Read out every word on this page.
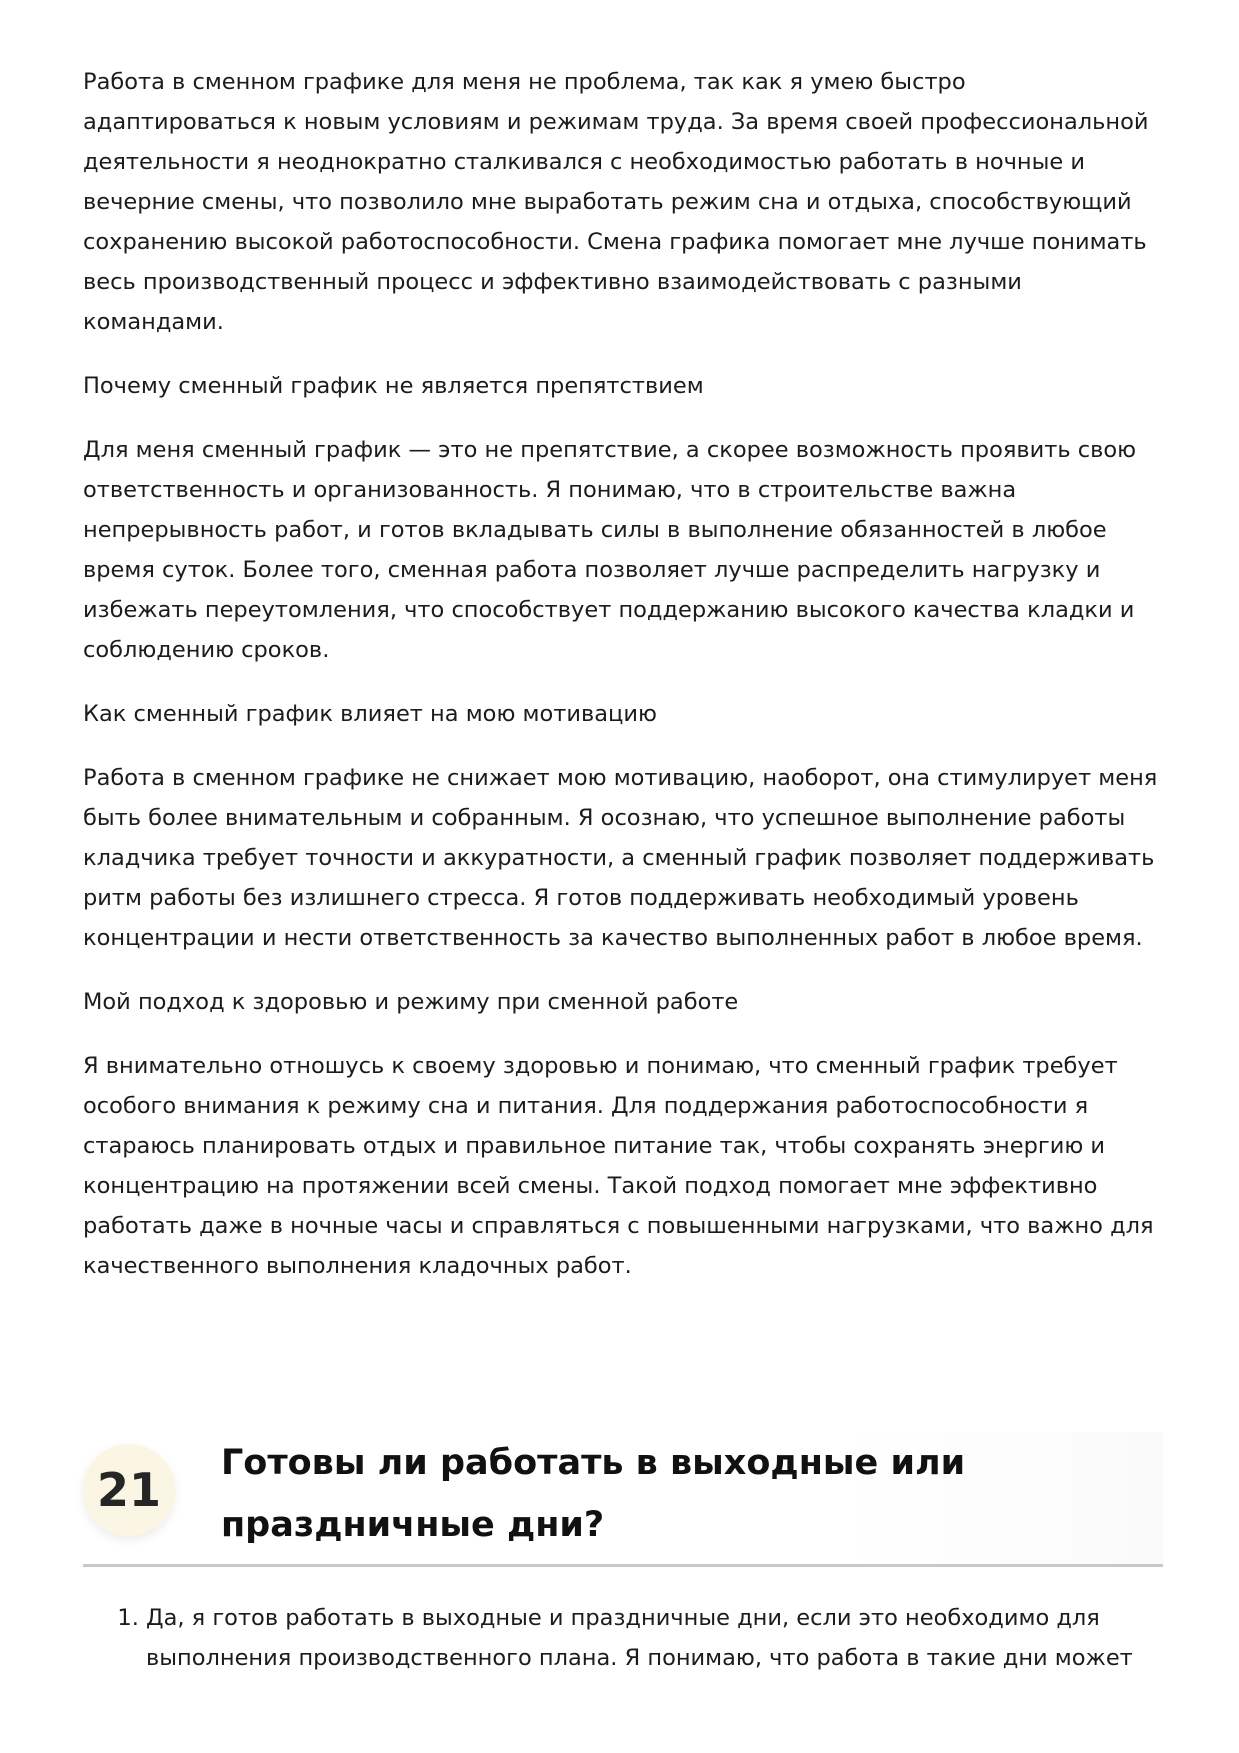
Работа в сменном графике для меня не проблема, так как я умею быстро адаптироваться к новым условиям и режимам труда. За время своей профессиональной деятельности я неоднократно сталкивался с необходимостью работать в ночные и вечерние смены, что позволило мне выработать режим сна и отдыха, способствующий сохранению высокой работоспособности. Смена графика помогает мне лучше понимать весь производственный процесс и эффективно взаимодействовать с разными командами.

Почему сменный график не является препятствием

Для меня сменный график — это не препятствие, а скорее возможность проявить свою ответственность и организованность. Я понимаю, что в строительстве важна непрерывность работ, и готов вкладывать силы в выполнение обязанностей в любое время суток. Более того, сменная работа позволяет лучше распределить нагрузку и избежать переутомления, что способствует поддержанию высокого качества кладки и соблюдению сроков.

Как сменный график влияет на мою мотивацию

Работа в сменном графике не снижает мою мотивацию, наоборот, она стимулирует меня быть более внимательным и собранным. Я осознаю, что успешное выполнение работы кладчика требует точности и аккуратности, а сменный график позволяет поддерживать ритм работы без излишнего стресса. Я готов поддерживать необходимый уровень концентрации и нести ответственность за качество выполненных работ в любое время.

Мой подход к здоровью и режиму при сменной работе

Я внимательно отношусь к своему здоровью и понимаю, что сменный график требует особого внимания к режиму сна и питания. Для поддержания работоспособности я стараюсь планировать отдых и правильное питание так, чтобы сохранять энергию и концентрацию на протяжении всей смены. Такой подход помогает мне эффективно работать даже в ночные часы и справляться с повышенными нагрузками, что важно для качественного выполнения кладочных работ.

21	Готовы ли работать в выходные или праздничные дни?
1. Да, я готов работать в выходные и праздничные дни, если это необходимо для выполнения производственного плана. Я понимаю, что работа в такие дни может
